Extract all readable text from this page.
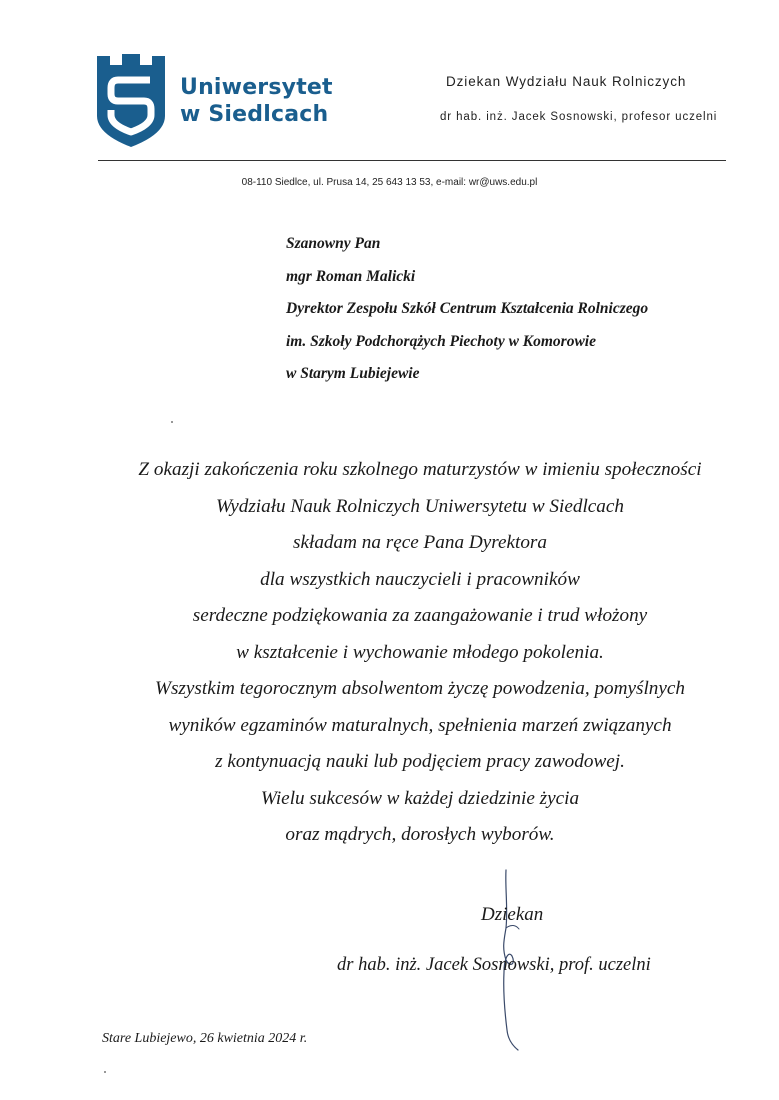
Uniwersytet
w Siedlcach
Dziekan Wydziału Nauk Rolniczych
dr hab. inż. Jacek Sosnowski, profesor uczelni
08-110 Siedlce, ul. Prusa 14, 25 643 13 53, e-mail: wr@uws.edu.pl
Szanowny Pan
mgr Roman Malicki
Dyrektor Zespołu Szkół Centrum Kształcenia Rolniczego
im. Szkoły Podchorążych Piechoty w Komorowie
w Starym Lubiejewie
Z okazji zakończenia roku szkolnego maturzystów w imieniu społeczności
Wydziału Nauk Rolniczych Uniwersytetu w Siedlcach
składam na ręce Pana Dyrektora
dla wszystkich nauczycieli i pracowników
serdeczne podziękowania za zaangażowanie i trud włożony
w kształcenie i wychowanie młodego pokolenia.
Wszystkim tegorocznym absolwentom życzę powodzenia, pomyślnych
wyników egzaminów maturalnych, spełnienia marzeń związanych
z kontynuacją nauki lub podjęciem pracy zawodowej.
Wielu sukcesów w każdej dziedzinie życia
oraz mądrych, dorosłych wyborów.
Dziekan
dr hab. inż. Jacek Sosnowski, prof. uczelni
Stare Lubiejewo, 26 kwietnia 2024 r.
